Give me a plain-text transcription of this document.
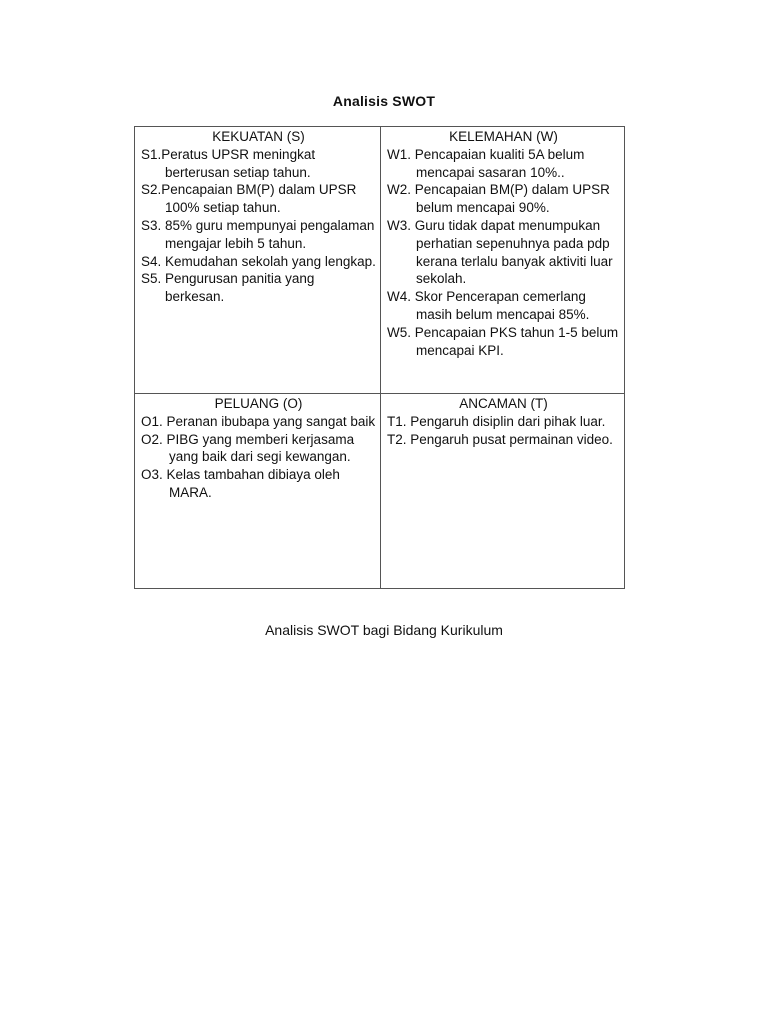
Analisis SWOT

KEKUATAN (S)

S1.Peratus UPSR meningkat berterusan setiap tahun.

S2.Pencapaian BM(P) dalam UPSR 100% setiap tahun.

S3. 85% guru mempunyai pengalaman mengajar lebih 5 tahun.

S4. Kemudahan sekolah yang lengkap.

S5. Pengurusan panitia yang berkesan.

KELEMAHAN (W)

W1. Pencapaian kualiti 5A belum mencapai sasaran 10%..

W2. Pencapaian BM(P) dalam UPSR belum mencapai 90%.

W3. Guru tidak dapat menumpukan perhatian sepenuhnya pada pdp kerana terlalu banyak aktiviti luar sekolah.

W4. Skor Pencerapan cemerlang masih belum mencapai 85%.

W5. Pencapaian PKS tahun 1-5 belum mencapai KPI.

PELUANG (O)

O1. Peranan ibubapa yang sangat baik

O2. PIBG yang memberi kerjasama

yang baik dari segi kewangan.

O3. Kelas tambahan dibiaya oleh MARA.

ANCAMAN (T)

T1. Pengaruh disiplin dari pihak luar.

T2. Pengaruh pusat permainan video.

Analisis SWOT bagi Bidang Kurikulum
